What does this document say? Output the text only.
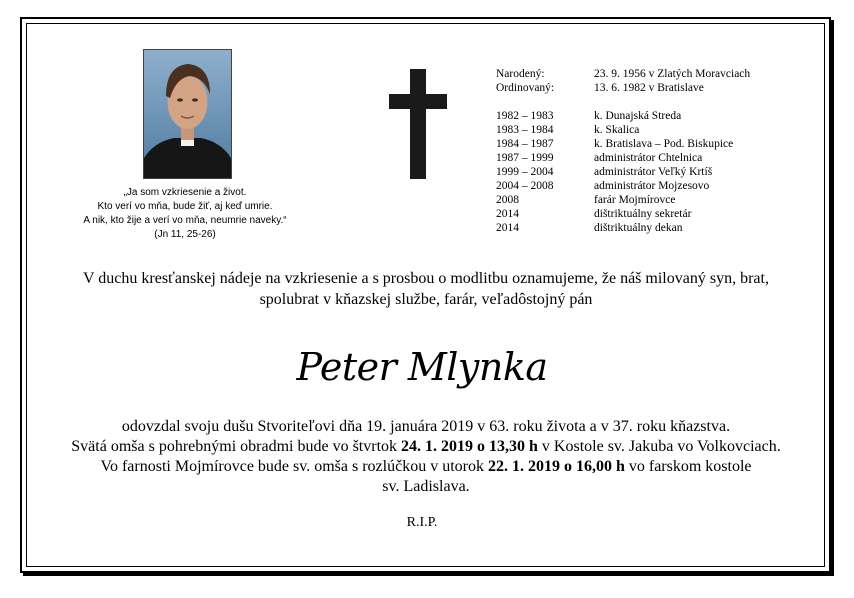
„Ja som vzkriesenie a život.
Kto verí vo mňa, bude žiť, aj keď umrie.
A nik, kto žije a verí vo mňa, neumrie naveky.“
(Jn 11, 25-26)
Narodený:	23. 9. 1956 v Zlatých Moravciach
Ordinovaný:	13. 6. 1982 v Bratislave
1982 – 1983	k. Dunajská Streda
1983 – 1984	k. Skalica
1984 – 1987	k. Bratislava – Pod. Biskupice
1987 – 1999	administrátor Chtelnica
1999 – 2004	administrátor Veľký Krtíš
2004 – 2008	administrátor Mojzesovo
2008	farár Mojmírovce
2014	dištriktuálny sekretár
2014	dištriktuálny dekan
V duchu kresťanskej nádeje na vzkriesenie a s prosbou o modlitbu oznamujeme, že náš milovaný syn, brat,
spolubrat v kňazskej službe, farár, veľadôstojný pán
Peter Mlynka
odovzdal svoju dušu Stvoriteľovi dňa 19. januára 2019 v 63. roku života a v 37. roku kňazstva.
Svätá omša s pohrebnými obradmi bude vo štvrtok 24. 1. 2019 o 13,30 h v Kostole sv. Jakuba vo Volkovciach.
Vo farnosti Mojmírovce bude sv. omša s rozlúčkou v utorok 22. 1. 2019 o 16,00 h vo farskom kostole
sv. Ladislava.
R.I.P.
